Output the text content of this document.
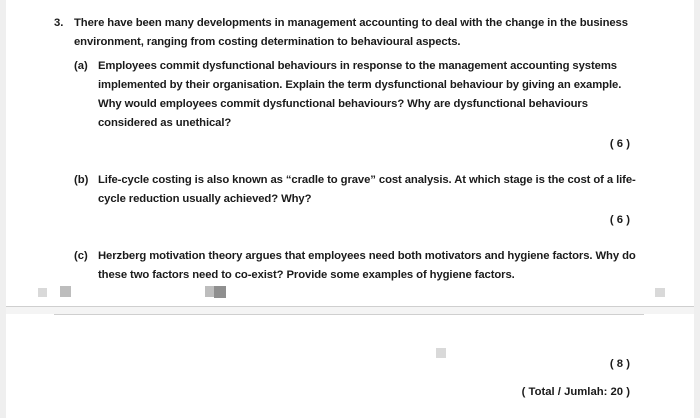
3. There have been many developments in management accounting to deal with the change in the business environment, ranging from costing determination to behavioural aspects.
(a) Employees commit dysfunctional behaviours in response to the management accounting systems implemented by their organisation. Explain the term dysfunctional behaviour by giving an example. Why would employees commit dysfunctional behaviours? Why are dysfunctional behaviours considered as unethical?
( 6 )
(b) Life-cycle costing is also known as “cradle to grave” cost analysis. At which stage is the cost of a life-cycle reduction usually achieved? Why?
( 6 )
(c) Herzberg motivation theory argues that employees need both motivators and hygiene factors. Why do these two factors need to co-exist? Provide some examples of hygiene factors.
( 8 )
( Total / Jumlah: 20 )
